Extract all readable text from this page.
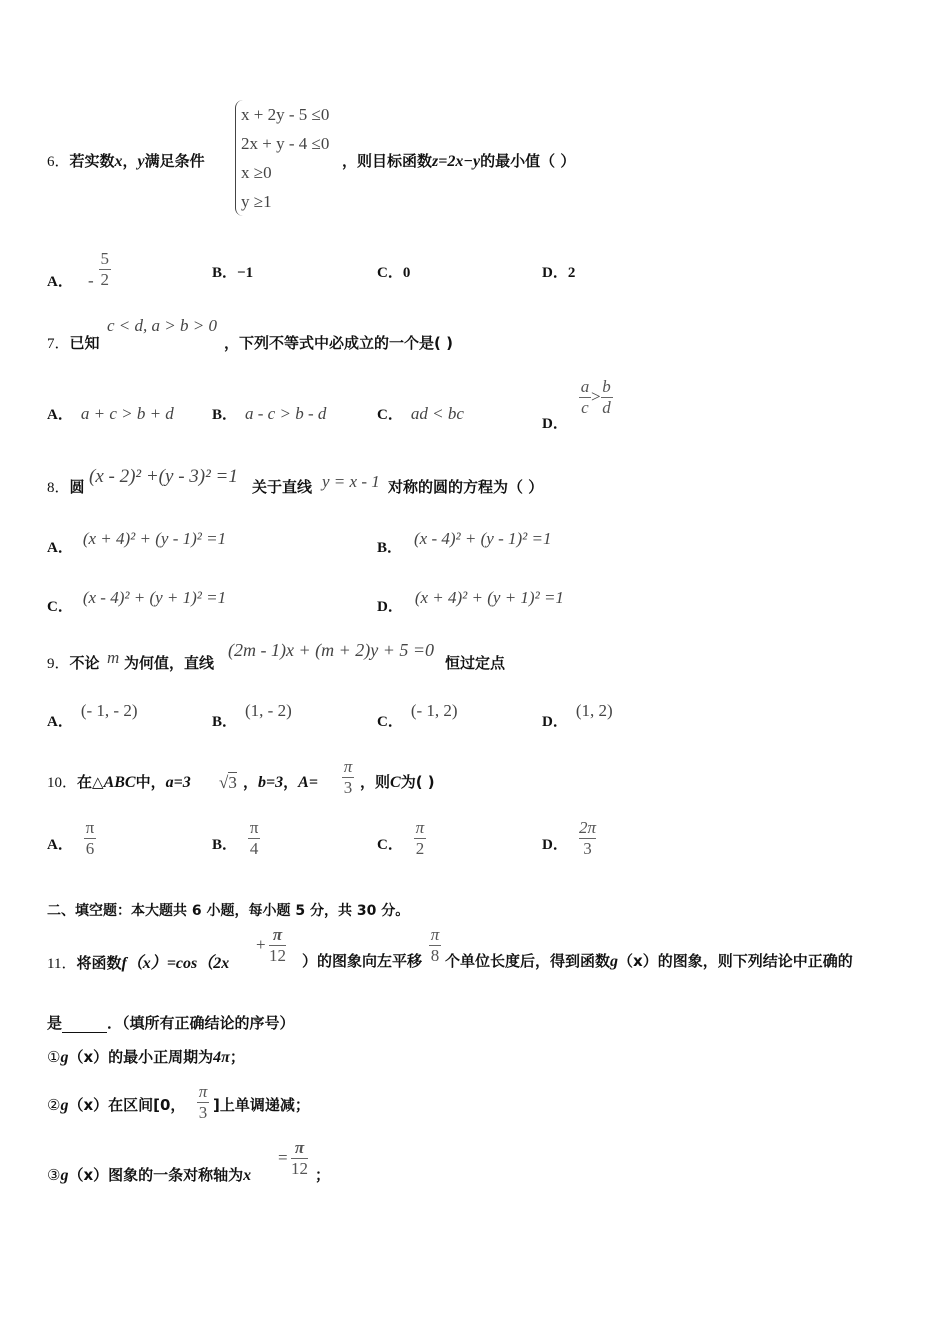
6．若实数x，y满足条件
x + 2y - 5 ≤0
2x + y - 4 ≤0
x ≥0
y ≥1
，则目标函数z=2x−y的最小值（ ）
A． - $\frac{5}{2}$	B．−1	C．0	D．2
7．已知
c < d, a > b > 0
，下列不等式中必成立的一个是( )
A． a + c > b + d	B． a - c > b - d	C． ad < bc
D．
$\frac{a}{c} > \frac{b}{d}$
8．圆 (x - 2)² +(y - 3)² =1 关于直线 y = x - 1 对称的圆的方程为（ ）
A． (x + 4)² + (y - 1)² =1	B． (x - 4)² + (y - 1)² =1
C． (x - 4)² + (y + 1)² =1	D． (x + 4)² + (y + 1)² =1
9．不论 m 为何值，直线
(2m - 1)x + (m + 2)y + 5 =0
恒过定点
A．(- 1, - 2)
B．(1, - 2)
C．(- 1, 2)
D．(1, 2)
10．在△ABC中，a=3 √3 ，b=3，A=
π
3 ，则C为( )
A． $\frac{\pi}{6}$	B． $\frac{\pi}{4}$	C． $\frac{\pi}{2}$	D． $\frac{2\pi}{3}$
二、填空题：本大题共 6 小题，每小题 5 分，共 30 分。
11．将函数f（x）=cos（2x
+
π
12 ）的图象向左平移
π
8 个单位长度后，得到函数g（x）的图象，则下列结论中正确的
是	．（填所有正确结论的序号）
①g（x）的最小正周期为4π；
②g（x）在区间[0，
π
3 ]上单调递减；
③g（x）图象的一条对称轴为x
=
π
12 ；
